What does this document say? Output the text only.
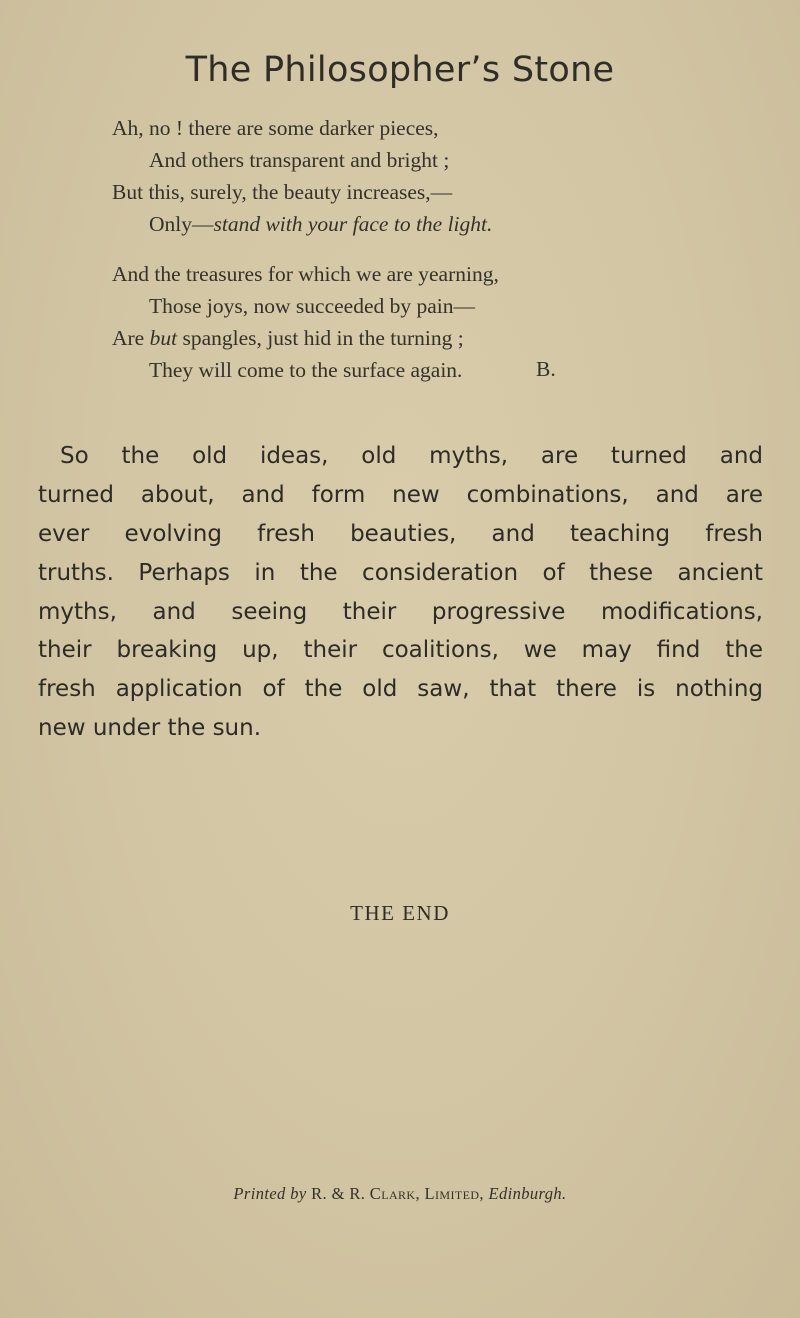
The Philosopher’s Stone
Ah, no ! there are some darker pieces,
And others transparent and bright ;
But this, surely, the beauty increases,—
Only—stand with your face to the light.
And the treasures for which we are yearning,
Those joys, now succeeded by pain—
Are but spangles, just hid in the turning ;
They will come to the surface again.	B.
So the old ideas, old myths, are turned and
turned about, and form new combinations, and are
ever evolving fresh beauties, and teaching fresh
truths. Perhaps in the consideration of these ancient
myths, and seeing their progressive modifications,
their breaking up, their coalitions, we may find the
fresh application of the old saw, that there is nothing
new under the sun.
THE END
Printed by R. & R. Clark, Limited, Edinburgh.
